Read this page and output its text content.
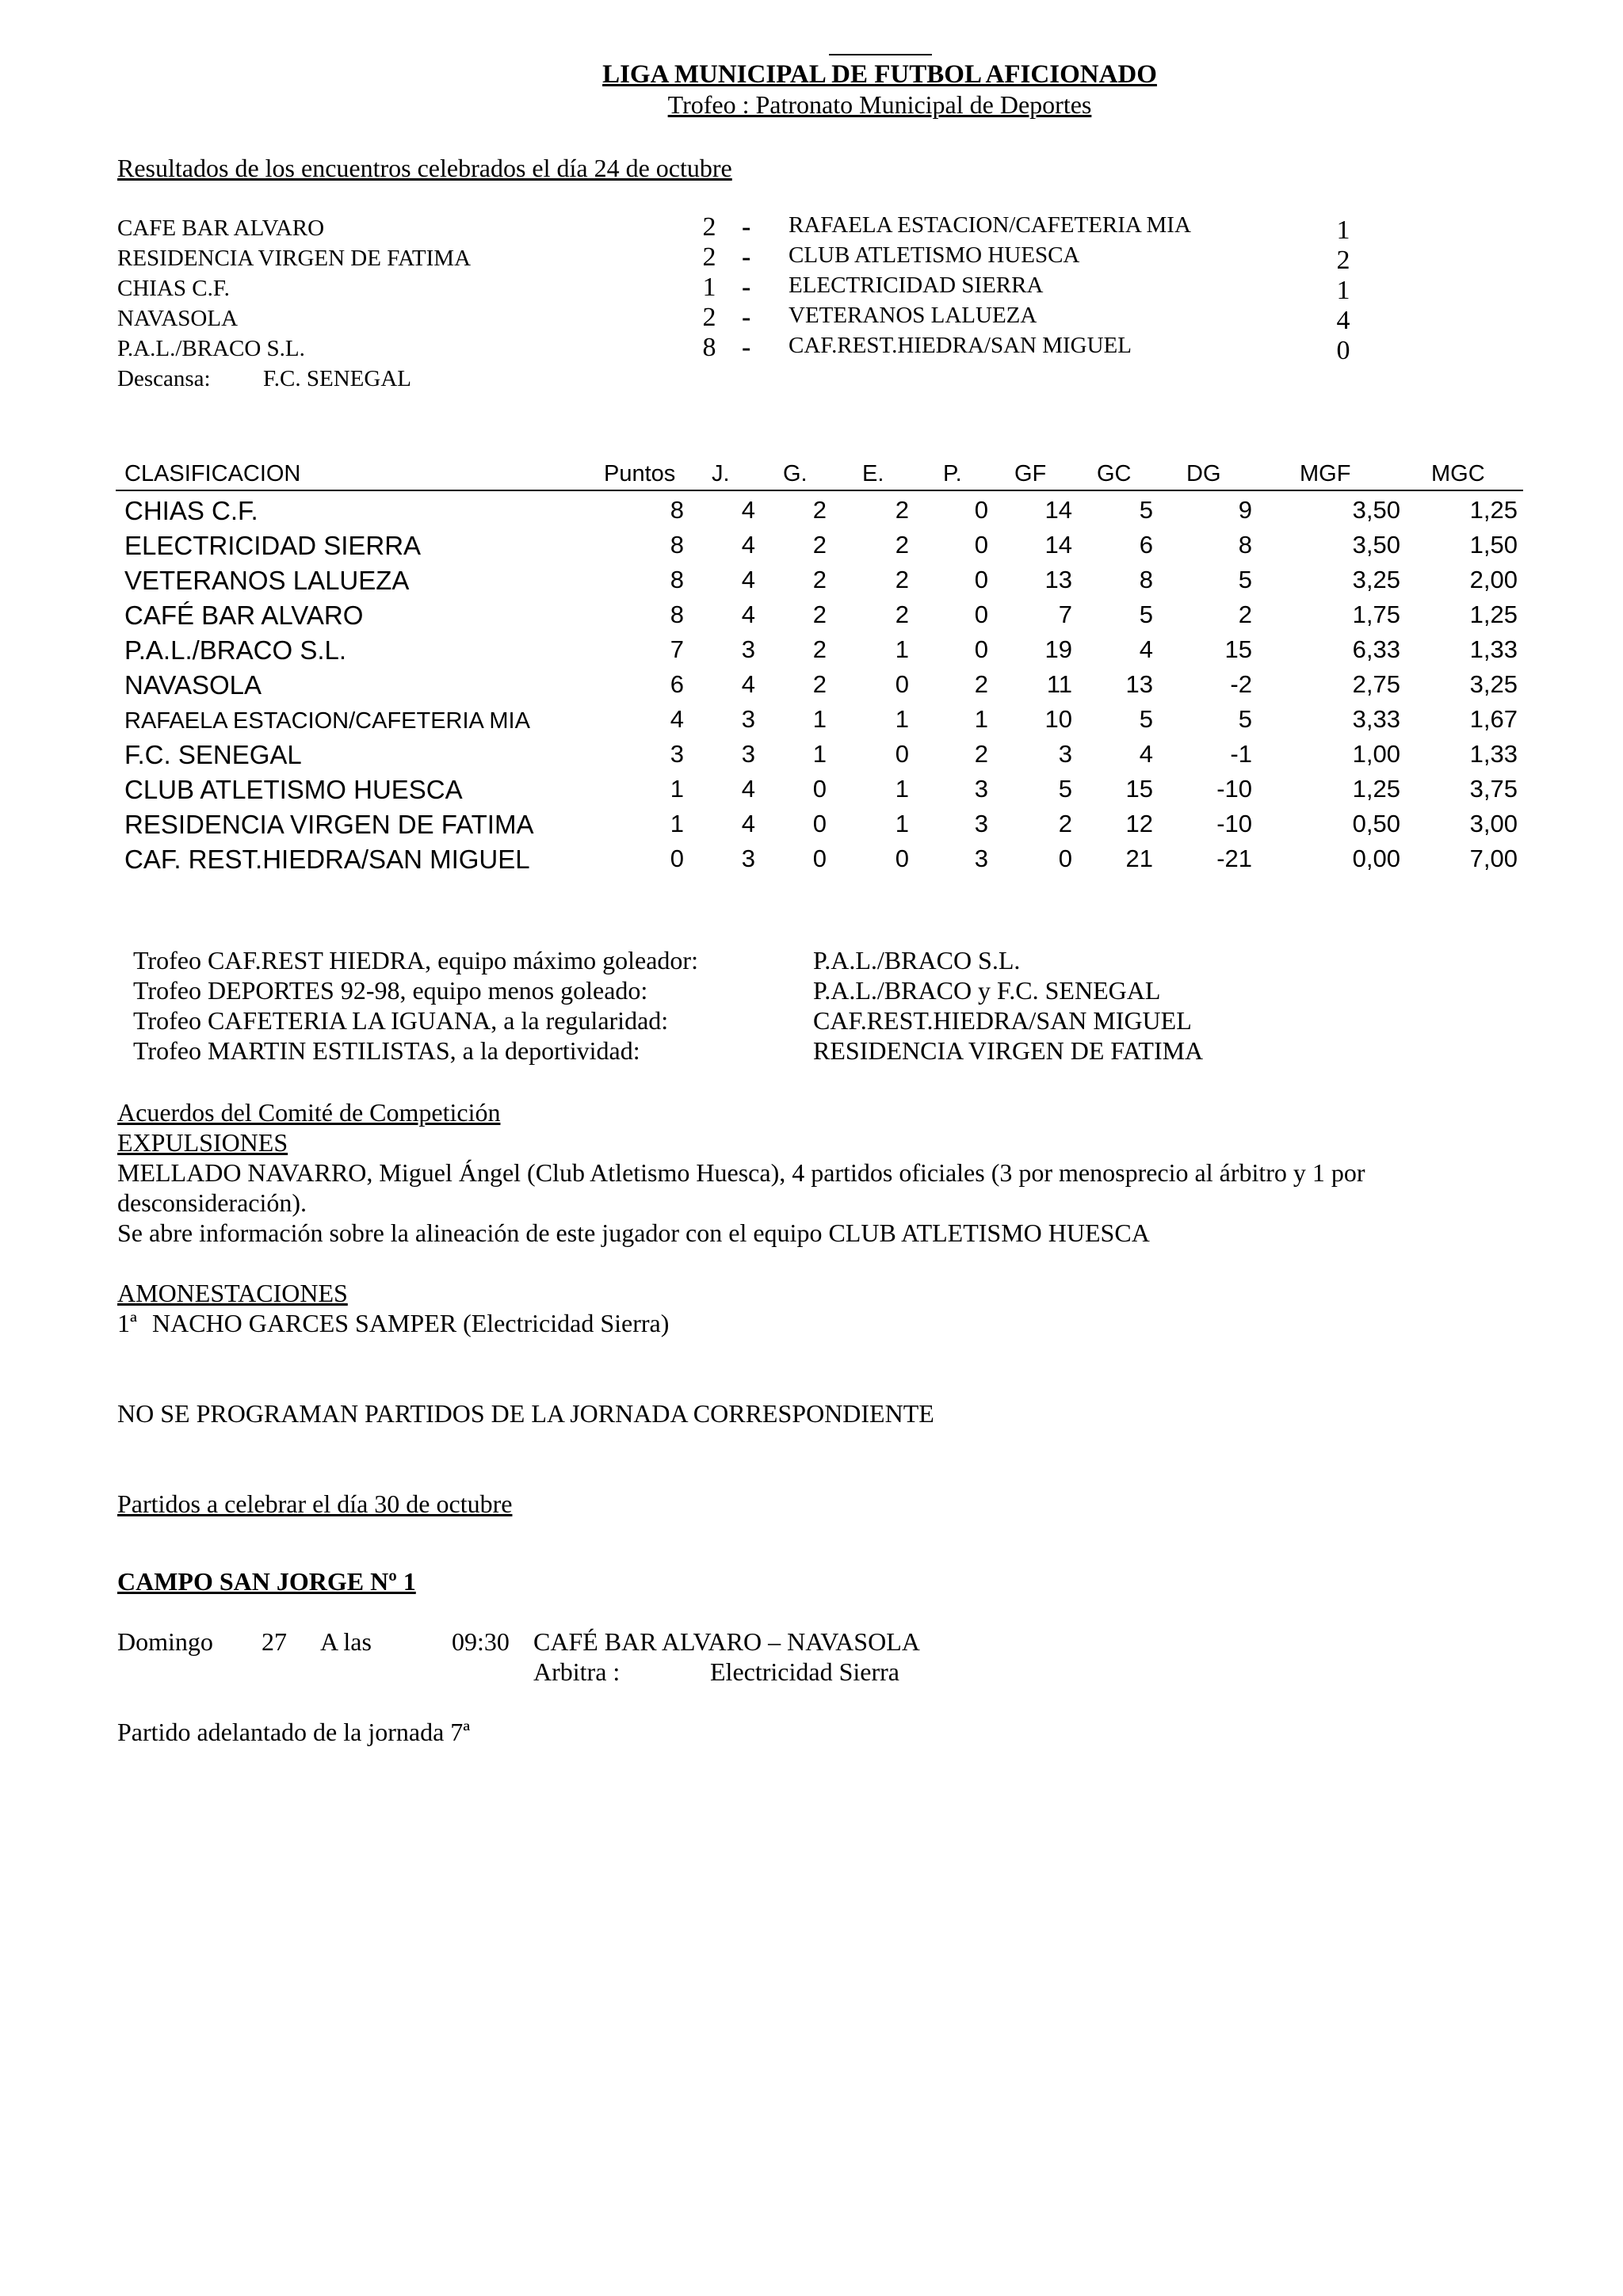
LIGA MUNICIPAL DE FUTBOL AFICIONADO
Trofeo : Patronato Municipal de Deportes
Resultados de los encuentros celebrados el día 24 de octubre
CAFE BAR ALVARO	2 - RAFAELA ESTACION/CAFETERIA MIA	1
RESIDENCIA VIRGEN DE FATIMA	2 - CLUB ATLETISMO HUESCA	2
CHIAS C.F.	1 - ELECTRICIDAD SIERRA	1
NAVASOLA	2 - VETERANOS LALUEZA	4
P.A.L./BRACO S.L.	8 - CAF.REST.HIEDRA/SAN MIGUEL	0
Descansa: F.C. SENEGAL
CLASIFICACION	Puntos J. G. E.	P. GF GC DG	MGF	MGC
CHIAS C.F.	8	4	2	2	0	14	5	9	3,50	1,25
ELECTRICIDAD SIERRA	8	4	2	2	0	14	6	8	3,50	1,50
VETERANOS LALUEZA	8	4	2	2	0	13	8	5	3,25	2,00
CAFÉ BAR ALVARO	8	4	2	2	0	7	5	2	1,75	1,25
P.A.L./BRACO S.L.	7	3	2	1	0	19	4	15	6,33	1,33
NAVASOLA	6	4	2	0	2	11	13	-2	2,75	3,25
RAFAELA ESTACION/CAFETERIA MIA	4	3	1	1	1	10	5	5	3,33	1,67
F.C. SENEGAL	3	3	1	0	2	3	4	-1	1,00	1,33
CLUB ATLETISMO HUESCA	1	4	0	1	3	5	15	-10	1,25	3,75
RESIDENCIA VIRGEN DE FATIMA	1	4	0	1	3	2	12	-10	0,50	3,00
CAF. REST.HIEDRA/SAN MIGUEL	0	3	0	0	3	0	21	-21	0,00	7,00
Trofeo CAF.REST HIEDRA, equipo máximo goleador:	P.A.L./BRACO S.L.
Trofeo DEPORTES 92-98, equipo menos goleado:	P.A.L./BRACO y F.C. SENEGAL
Trofeo CAFETERIA LA IGUANA, a la regularidad:	CAF.REST.HIEDRA/SAN MIGUEL
Trofeo MARTIN ESTILISTAS, a la deportividad:	RESIDENCIA VIRGEN DE FATIMA
Acuerdos del Comité de Competición
EXPULSIONES
MELLADO NAVARRO, Miguel Ángel (Club Atletismo Huesca), 4 partidos oficiales (3 por menosprecio al árbitro y 1 por
desconsideración).
Se abre información sobre la alineación de este jugador con el equipo CLUB ATLETISMO HUESCA
AMONESTACIONES
1ª NACHO GARCES SAMPER (Electricidad Sierra)
NO SE PROGRAMAN PARTIDOS DE LA JORNADA CORRESPONDIENTE
Partidos a celebrar el día 30 de octubre
CAMPO SAN JORGE Nº 1
Domingo 27 A las	09:30 CAFÉ BAR ALVARO – NAVASOLA
Arbitra :	Electricidad Sierra
Partido adelantado de la jornada 7ª
